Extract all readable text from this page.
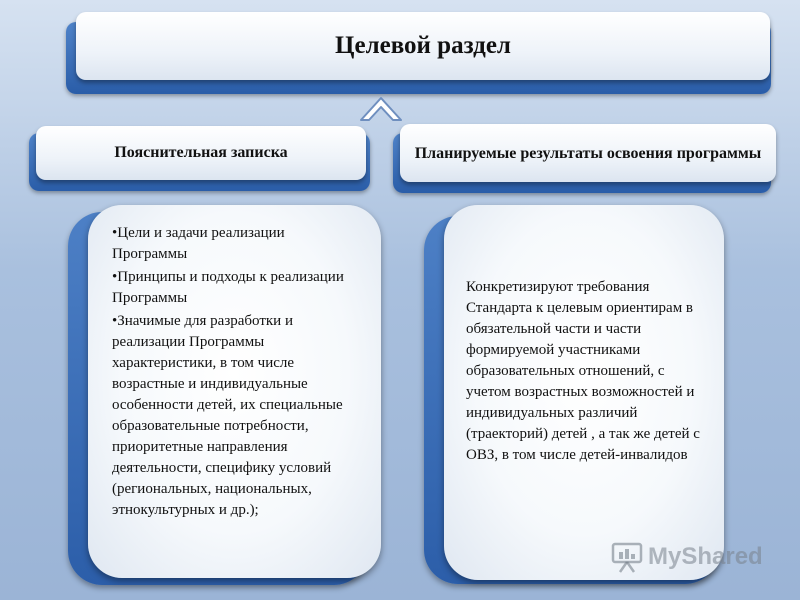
Целевой раздел
Пояснительная записка	Планируемые результаты освоения программы
•Цели и задачи реализации Программы
•Принципы и подходы к реализации Программы
•Значимые для разработки и реализации Программы характеристики, в том числе возрастные и индивидуальные особенности детей, их специальные образовательные потребности, приоритетные направления деятельности, специфику условий (региональных, национальных, этнокультурных и др.);

Конкретизируют требования Стандарта к целевым ориентирам в обязательной части и части формируемой участниками образовательных отношений, с учетом возрастных возможностей и индивидуальных различий (траекторий) детей , а так же детей с ОВЗ, в том числе детей-инвалидов

MyShared
